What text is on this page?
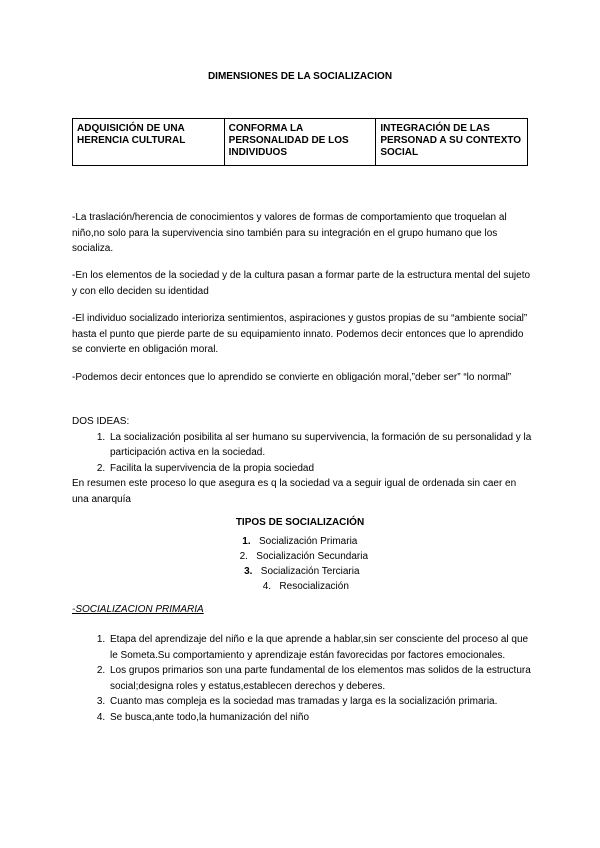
DIMENSIONES DE LA SOCIALIZACION
ADQUISICIÓN DE UNA HERENCIA CULTURAL	CONFORMA LA PERSONALIDAD DE LOS INDIVIDUOS	INTEGRACIÓN DE LAS PERSONAD A SU CONTEXTO SOCIAL
-La traslación/herencia de conocimientos y valores de formas de comportamiento que troquelan al niño,no solo para la supervivencia sino también para su integración en el grupo humano que los socializa.
-En los elementos de la sociedad y de la cultura pasan a formar parte de la estructura mental del sujeto y con ello deciden su identidad
-El individuo socializado interioriza sentimientos, aspiraciones y gustos propias de su “ambiente social” hasta el punto que pierde parte de su equipamiento innato. Podemos decir entonces que lo aprendido se convierte en obligación moral.
-Podemos decir entonces que lo aprendido se convierte en obligación moral,”deber ser” “lo normal”
DOS IDEAS:
1. La socialización posibilita al ser humano su supervivencia, la formación de su personalidad y la participación activa en la sociedad.
2. Facilita la supervivencia de la propia sociedad
En resumen este proceso lo que asegura es q la sociedad va a seguir igual de ordenada sin caer en una anarquía
TIPOS DE SOCIALIZACIÓN
1. Socialización Primaria
2. Socialización Secundaria
3. Socialización Terciaria
4. Resocialización
-SOCIALIZACION PRIMARIA
1. Etapa del aprendizaje del niño e la que aprende a hablar,sin ser consciente del proceso al que le Someta.Su comportamiento y aprendizaje están favorecidas por factores emocionales.
2. Los grupos primarios son una parte fundamental de los elementos mas solidos de la estructura social;designa roles y estatus,establecen derechos y deberes.
3. Cuanto mas compleja es la sociedad mas tramadas y larga es la socialización primaria.
4. Se busca,ante todo,la humanización del niño
